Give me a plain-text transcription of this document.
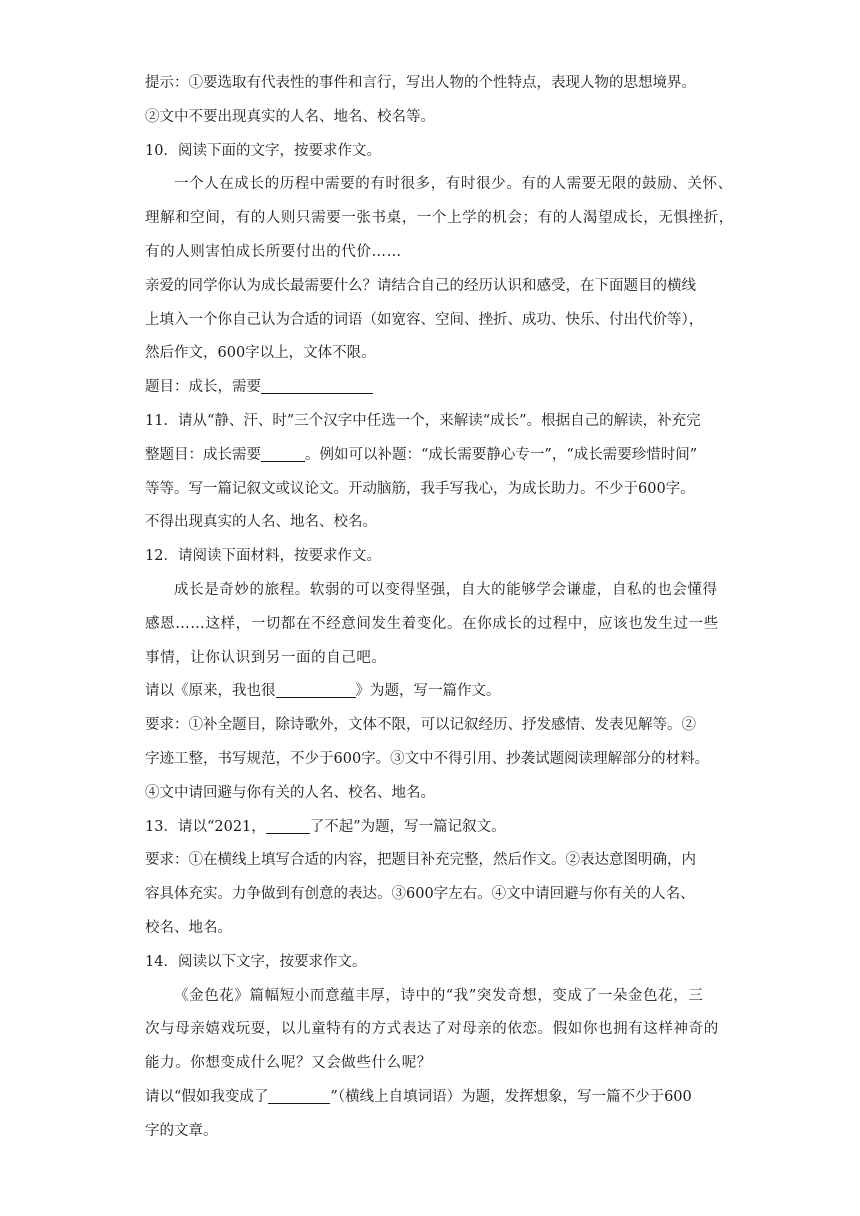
提示：①要选取有代表性的事件和言行，写出人物的个性特点，表现人物的思想境界。
②文中不要出现真实的人名、地名、校名等。
10．阅读下面的文字，按要求作文。
一个人在成长的历程中需要的有时很多，有时很少。有的人需要无限的鼓励、关怀、
理解和空间，有的人则只需要一张书桌，一个上学的机会；有的人渴望成长，无惧挫折，
有的人则害怕成长所要付出的代价……
亲爱的同学你认为成长最需要什么？请结合自己的经历认识和感受，在下面题目的横线
上填入一个你自己认为合适的词语（如宽容、空间、挫折、成功、快乐、付出代价等），
然后作文，600字以上，文体不限。
题目：成长，需要
11．请从“静、汗、时”三个汉字中任选一个，来解读“成长”。根据自己的解读，补充完
整题目：成长需要	。例如可以补题：“成长需要静心专一”，“成长需要珍惜时间”
等等。写一篇记叙文或议论文。开动脑筋，我手写我心，为成长助力。不少于600字。
不得出现真实的人名、地名、校名。
12．请阅读下面材料，按要求作文。
成长是奇妙的旅程。软弱的可以变得坚强，自大的能够学会谦虚，自私的也会懂得
感恩……这样，一切都在不经意间发生着变化。在你成长的过程中，应该也发生过一些
事情，让你认识到另一面的自己吧。
请以《原来，我也很	》为题，写一篇作文。
要求：①补全题目，除诗歌外，文体不限，可以记叙经历、抒发感情、发表见解等。②
字迹工整，书写规范，不少于600字。③文中不得引用、抄袭试题阅读理解部分的材料。
④文中请回避与你有关的人名、校名、地名。
13．请以“2021，	了不起”为题，写一篇记叙文。
要求：①在横线上填写合适的内容，把题目补充完整，然后作文。②表达意图明确，内
容具体充实。力争做到有创意的表达。③600字左右。④文中请回避与你有关的人名、
校名、地名。
14．阅读以下文字，按要求作文。
《金色花》篇幅短小而意蕴丰厚，诗中的“我”突发奇想，变成了一朵金色花，三
次与母亲嬉戏玩耍，以儿童特有的方式表达了对母亲的依恋。假如你也拥有这样神奇的
能力。你想变成什么呢？又会做些什么呢？
请以“假如我变成了	”（横线上自填词语）为题，发挥想象，写一篇不少于600
字的文章。
